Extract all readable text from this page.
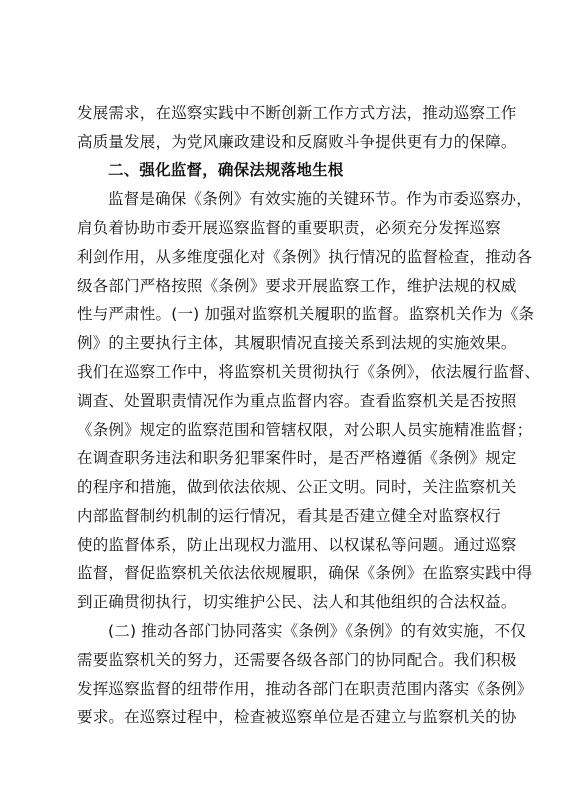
发展需求，在巡察实践中不断创新工作方式方法，推动巡察工作
高质量发展，为党风廉政建设和反腐败斗争提供更有力的保障。
二、强化监督，确保法规落地生根
监督是确保《条例》有效实施的关键环节。作为市委巡察办，
肩负着协助市委开展巡察监督的重要职责，必须充分发挥巡察
利剑作用，从多维度强化对《条例》执行情况的监督检查，推动各
级各部门严格按照《条例》要求开展监察工作，维护法规的权威
性与严肃性。(一) 加强对监察机关履职的监督。监察机关作为《条
例》的主要执行主体，其履职情况直接关系到法规的实施效果。
我们在巡察工作中，将监察机关贯彻执行《条例》，依法履行监督、
调查、处置职责情况作为重点监督内容。查看监察机关是否按照
《条例》规定的监察范围和管辖权限，对公职人员实施精准监督；
在调查职务违法和职务犯罪案件时，是否严格遵循《条例》规定
的程序和措施，做到依法依规、公正文明。同时，关注监察机关
内部监督制约机制的运行情况，看其是否建立健全对监察权行
使的监督体系，防止出现权力滥用、以权谋私等问题。通过巡察
监督，督促监察机关依法依规履职，确保《条例》在监察实践中得
到正确贯彻执行，切实维护公民、法人和其他组织的合法权益。
(二) 推动各部门协同落实《条例》《条例》的有效实施，不仅
需要监察机关的努力，还需要各级各部门的协同配合。我们积极
发挥巡察监督的纽带作用，推动各部门在职责范围内落实《条例》
要求。在巡察过程中，检查被巡察单位是否建立与监察机关的协
